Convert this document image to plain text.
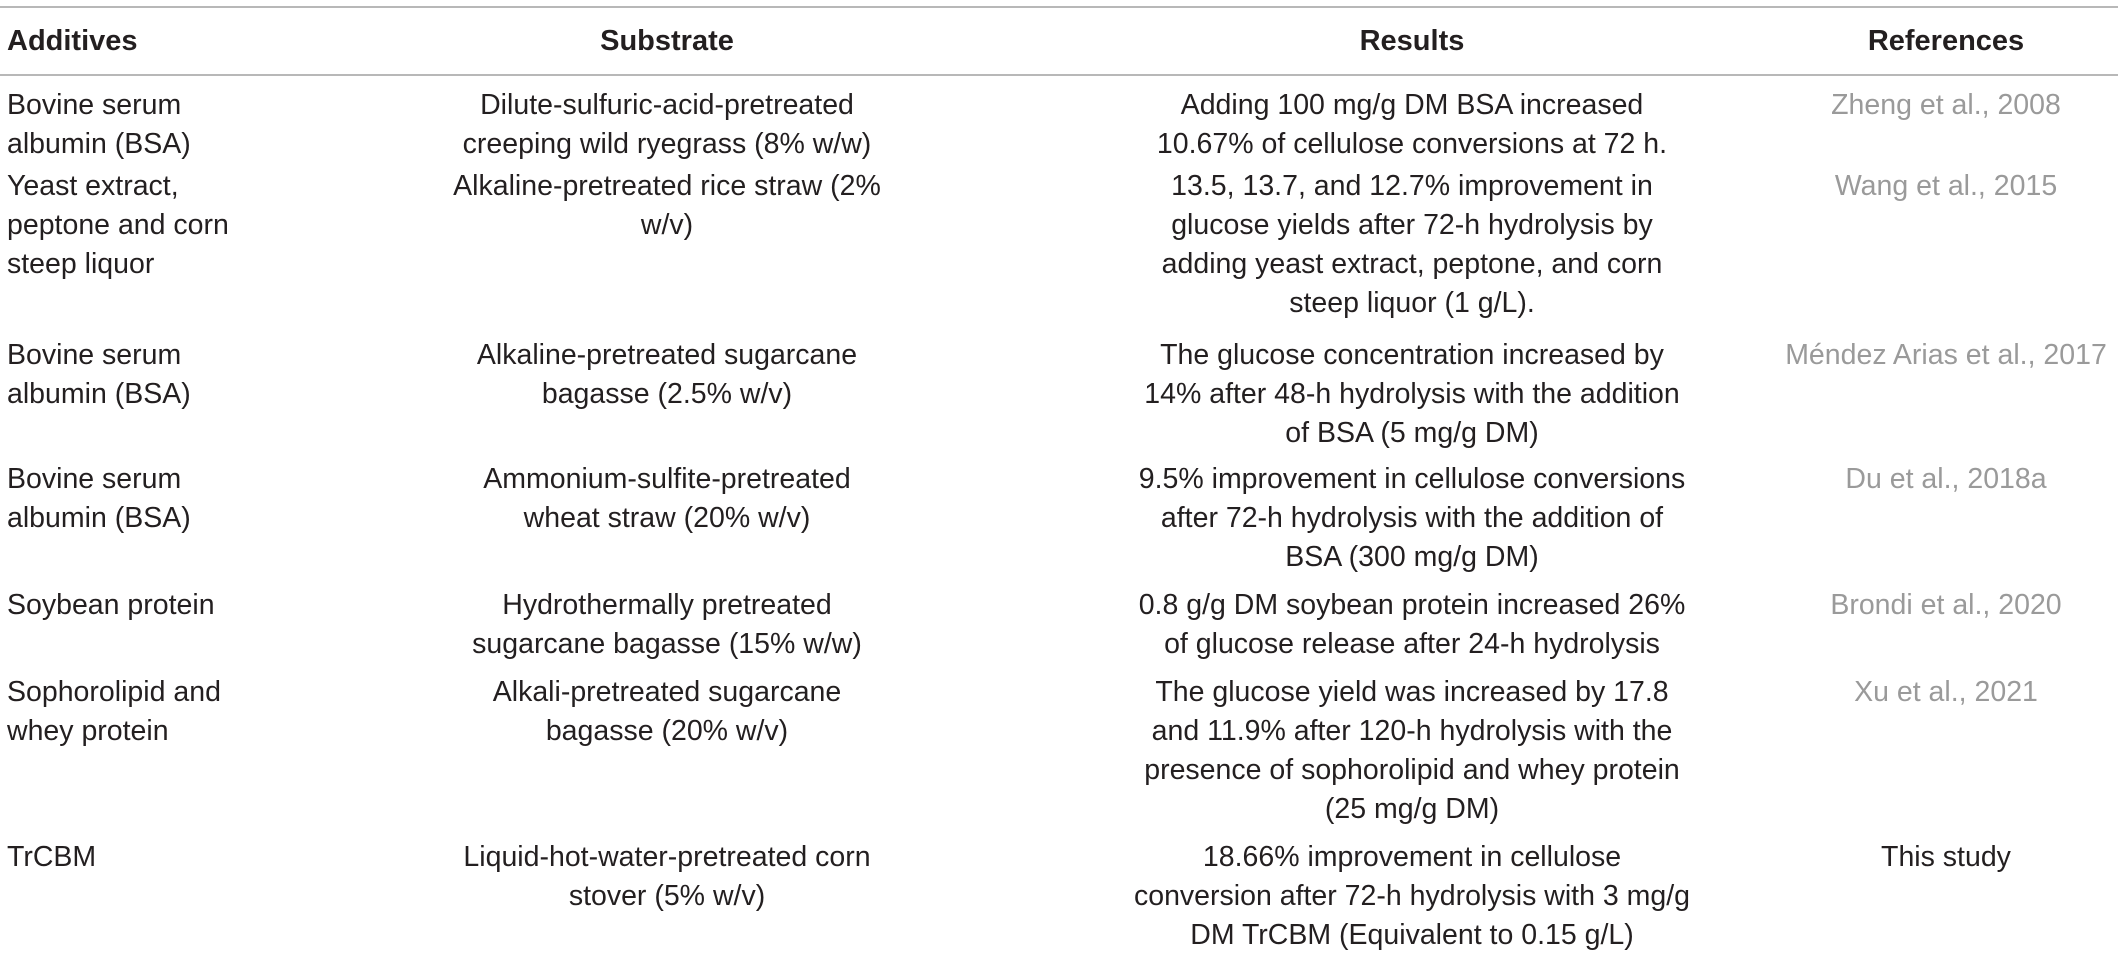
Additives	Substrate	Results	References

Bovine serum albumin (BSA)	Dilute-sulfuric-acid-pretreated creeping wild ryegrass (8% w/w)	Adding 100 mg/g DM BSA increased 10.67% of cellulose conversions at 72 h.	Zheng et al., 2008

Yeast extract, peptone and corn steep liquor	Alkaline-pretreated rice straw (2% w/v)	13.5, 13.7, and 12.7% improvement in glucose yields after 72-h hydrolysis by adding yeast extract, peptone, and corn steep liquor (1 g/L).	Wang et al., 2015

Bovine serum albumin (BSA)	Alkaline-pretreated sugarcane bagasse (2.5% w/v)	The glucose concentration increased by 14% after 48-h hydrolysis with the addition of BSA (5 mg/g DM)	Méndez Arias et al., 2017

Bovine serum albumin (BSA)	Ammonium-sulfite-pretreated wheat straw (20% w/v)	9.5% improvement in cellulose conversions after 72-h hydrolysis with the addition of BSA (300 mg/g DM)	Du et al., 2018a

Soybean protein	Hydrothermally pretreated sugarcane bagasse (15% w/w)	0.8 g/g DM soybean protein increased 26% of glucose release after 24-h hydrolysis	Brondi et al., 2020

Sophorolipid and whey protein	Alkali-pretreated sugarcane bagasse (20% w/v)	The glucose yield was increased by 17.8 and 11.9% after 120-h hydrolysis with the presence of sophorolipid and whey protein (25 mg/g DM)	Xu et al., 2021

TrCBM	Liquid-hot-water-pretreated corn stover (5% w/v)	18.66% improvement in cellulose conversion after 72-h hydrolysis with 3 mg/g DM TrCBM (Equivalent to 0.15 g/L)	This study
